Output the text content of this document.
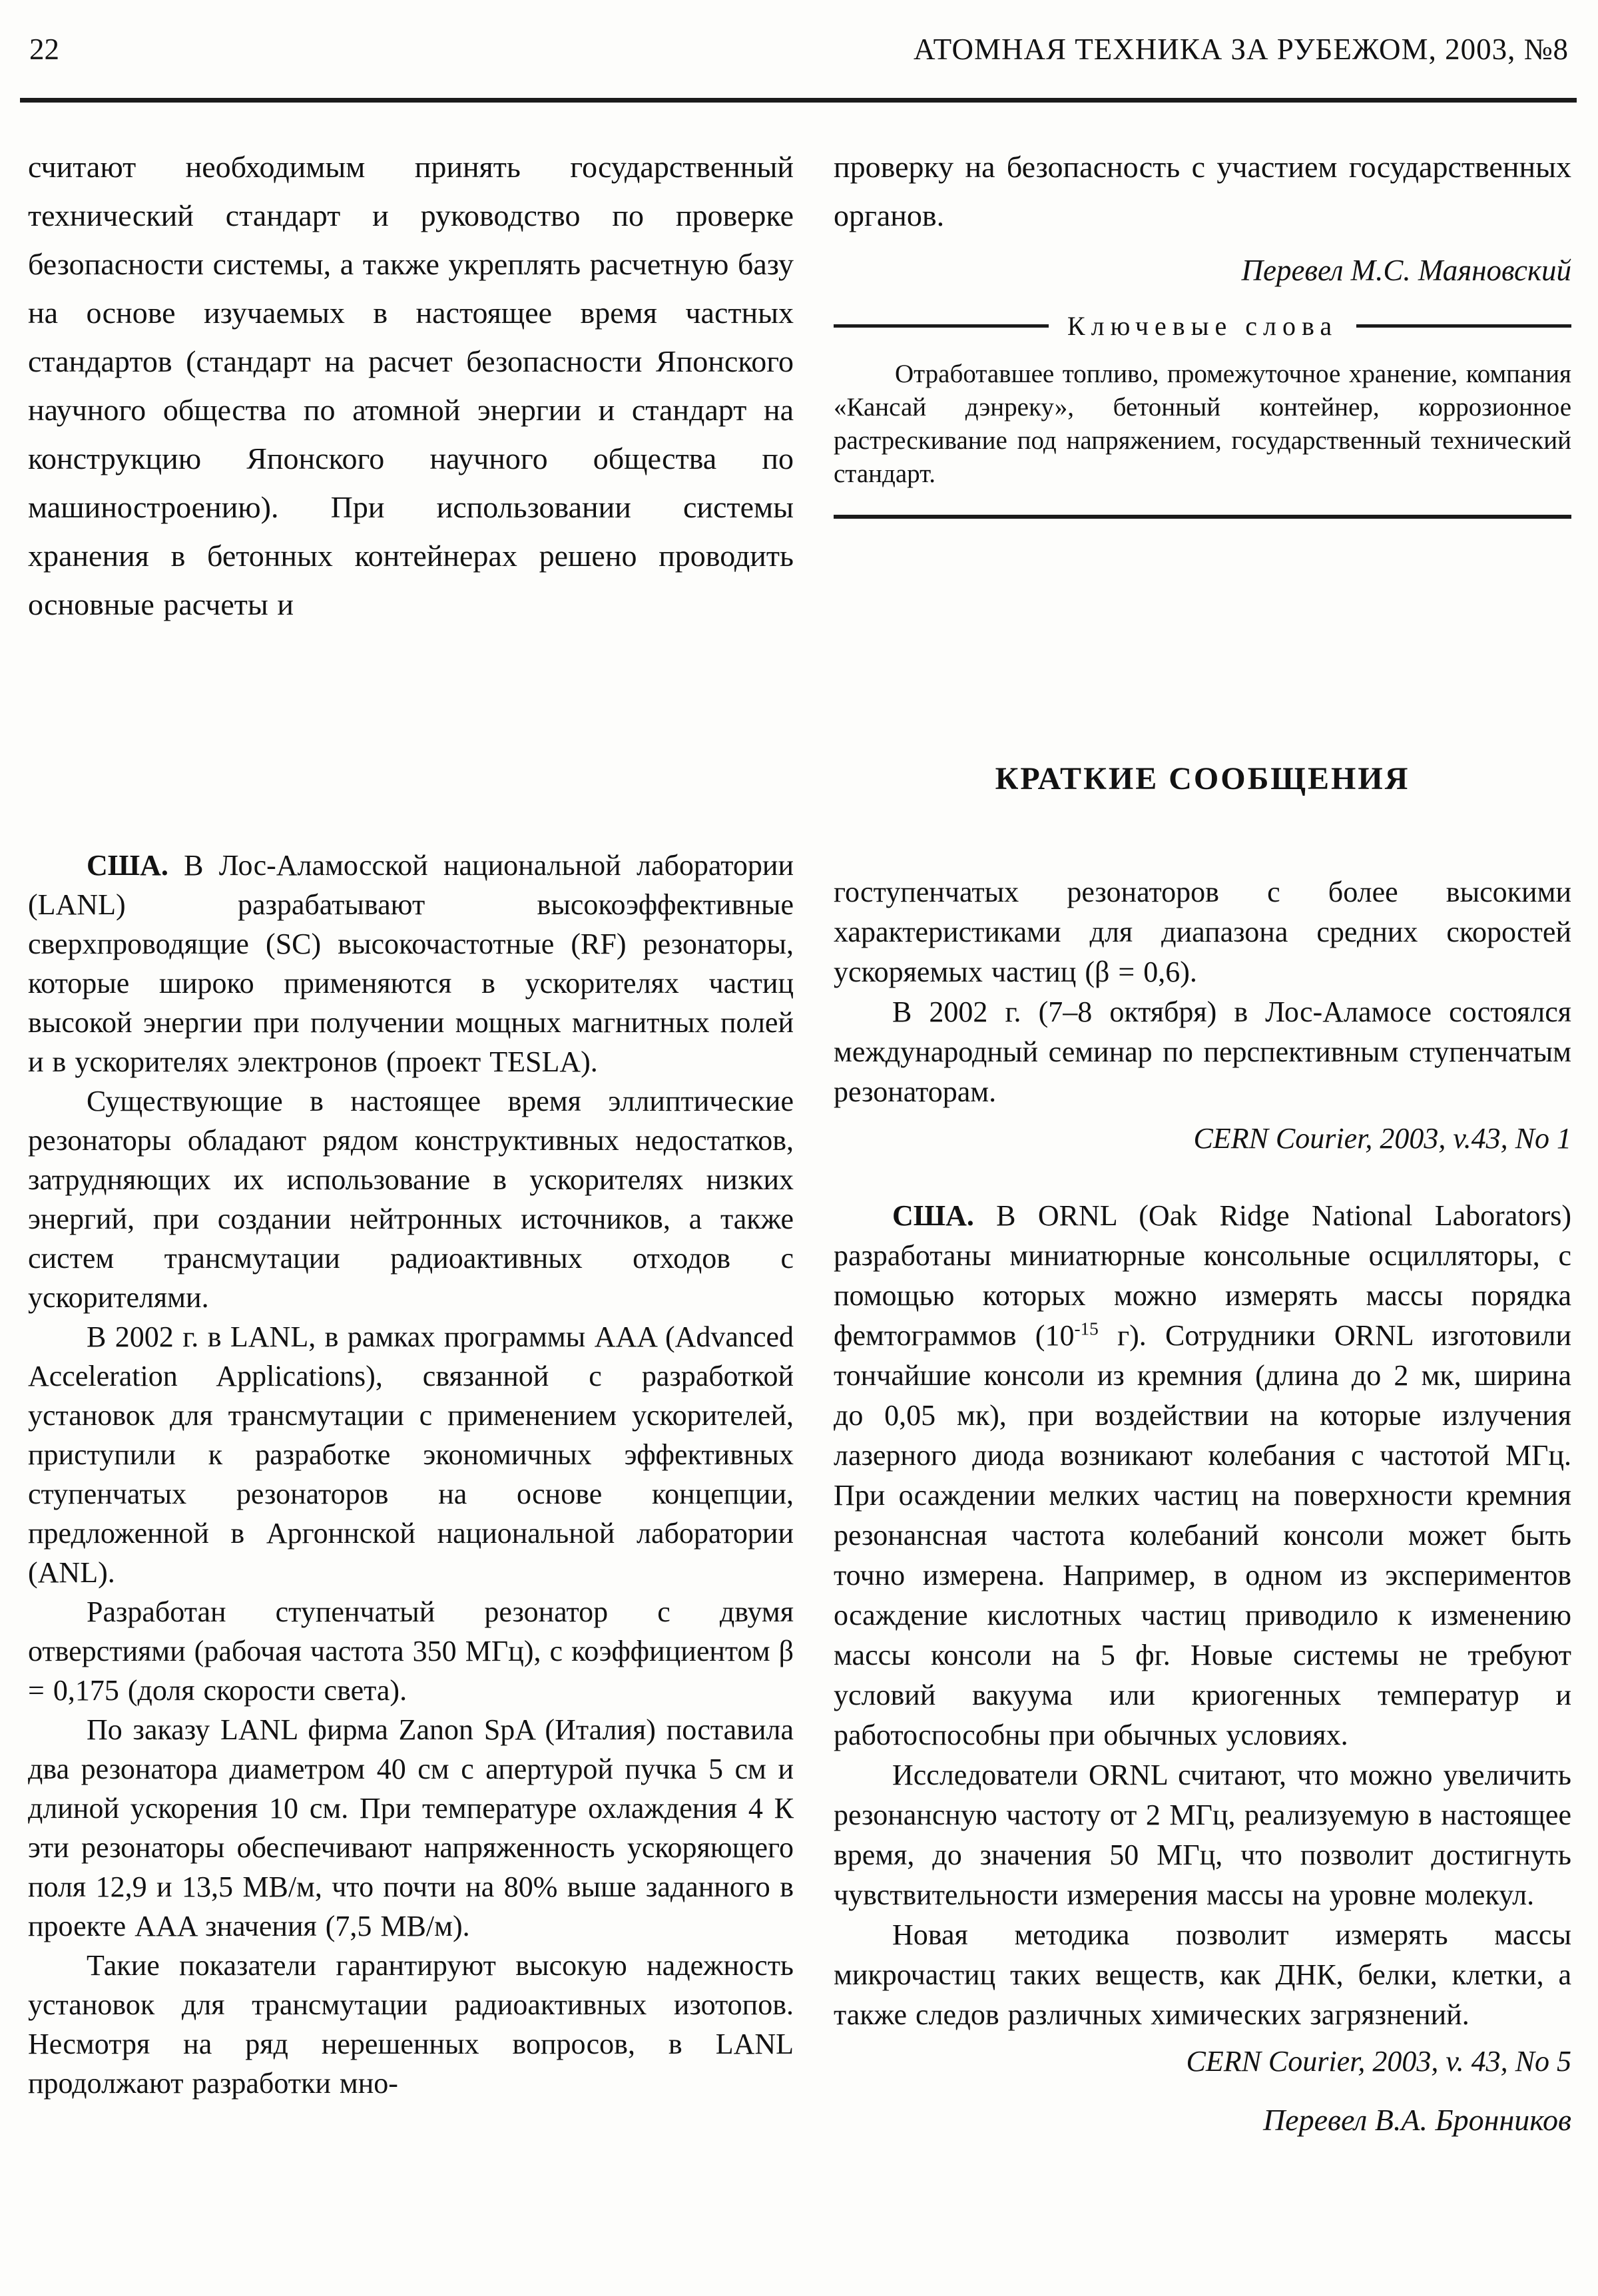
22	АТОМНАЯ ТЕХНИКА ЗА РУБЕЖОМ, 2003, №8

считают необходимым принять государственный технический стандарт и руководство по проверке безопасности системы, а также укреплять расчетную базу на основе изучаемых в настоящее время частных стандартов (стандарт на расчет безопасности Японского научного общества по атомной энергии и стандарт на конструкцию Японского научного общества по машиностроению). При использовании системы хранения в бетонных контейнерах решено проводить основные расчеты и

проверку на безопасность с участием государственных органов.

Перевел М.С. Маяновский

Ключевые слова

Отработавшее топливо, промежуточное хранение, компания «Кансай дэнреку», бетонный контейнер, коррозионное растрескивание под напряжением, государственный технический стандарт.

КРАТКИЕ СООБЩЕНИЯ

США. В Лос-Аламосской национальной лаборатории (LANL) разрабатывают высокоэффективные сверхпроводящие (SC) высокочастотные (RF) резонаторы, которые широко применяются в ускорителях частиц высокой энергии при получении мощных магнитных полей и в ускорителях электронов (проект TESLA).

Существующие в настоящее время эллиптические резонаторы обладают рядом конструктивных недостатков, затрудняющих их использование в ускорителях низких энергий, при создании нейтронных источников, а также систем трансмутации радиоактивных отходов с ускорителями.

В 2002 г. в LANL, в рамках программы AAA (Advanced Acceleration Applications), связанной с разработкой установок для трансмутации с применением ускорителей, приступили к разработке экономичных эффективных ступенчатых резонаторов на основе концепции, предложенной в Аргоннской национальной лаборатории (ANL).

Разработан ступенчатый резонатор с двумя отверстиями (рабочая частота 350 МГц), с коэффициентом β = 0,175 (доля скорости света).

По заказу LANL фирма Zanon SpA (Италия) поставила два резонатора диаметром 40 см с апертурой пучка 5 см и длиной ускорения 10 см. При температуре охлаждения 4 К эти резонаторы обеспечивают напряженность ускоряющего поля 12,9 и 13,5 МВ/м, что почти на 80% выше заданного в проекте AAA значения (7,5 МВ/м).

Такие показатели гарантируют высокую надежность установок для трансмутации радиоактивных изотопов. Несмотря на ряд нерешенных вопросов, в LANL продолжают разработки мно-

гоступенчатых резонаторов с более высокими характеристиками для диапазона средних скоростей ускоряемых частиц (β = 0,6).

В 2002 г. (7–8 октября) в Лос-Аламосе состоялся международный семинар по перспективным ступенчатым резонаторам.

CERN Courier, 2003, v.43, No 1

США. В ORNL (Oak Ridge National Laborators) разработаны миниатюрные консольные осцилляторы, с помощью которых можно измерять массы порядка фемтограммов ($10^{-15}$ г). Сотрудники ORNL изготовили тончайшие консоли из кремния (длина до 2 мк, ширина до 0,05 мк), при воздействии на которые излучения лазерного диода возникают колебания с частотой МГц. При осаждении мелких частиц на поверхности кремния резонансная частота колебаний консоли может быть точно измерена. Например, в одном из экспериментов осаждение кислотных частиц приводило к изменению массы консоли на 5 фг. Новые системы не требуют условий вакуума или криогенных температур и работоспособны при обычных условиях.

Исследователи ORNL считают, что можно увеличить резонансную частоту от 2 МГц, реализуемую в настоящее время, до значения 50 МГц, что позволит достигнуть чувствительности измерения массы на уровне молекул.

Новая методика позволит измерять массы микрочастиц таких веществ, как ДНК, белки, клетки, а также следов различных химических загрязнений.

CERN Courier, 2003, v. 43, No 5

Перевел В.А. Бронников
